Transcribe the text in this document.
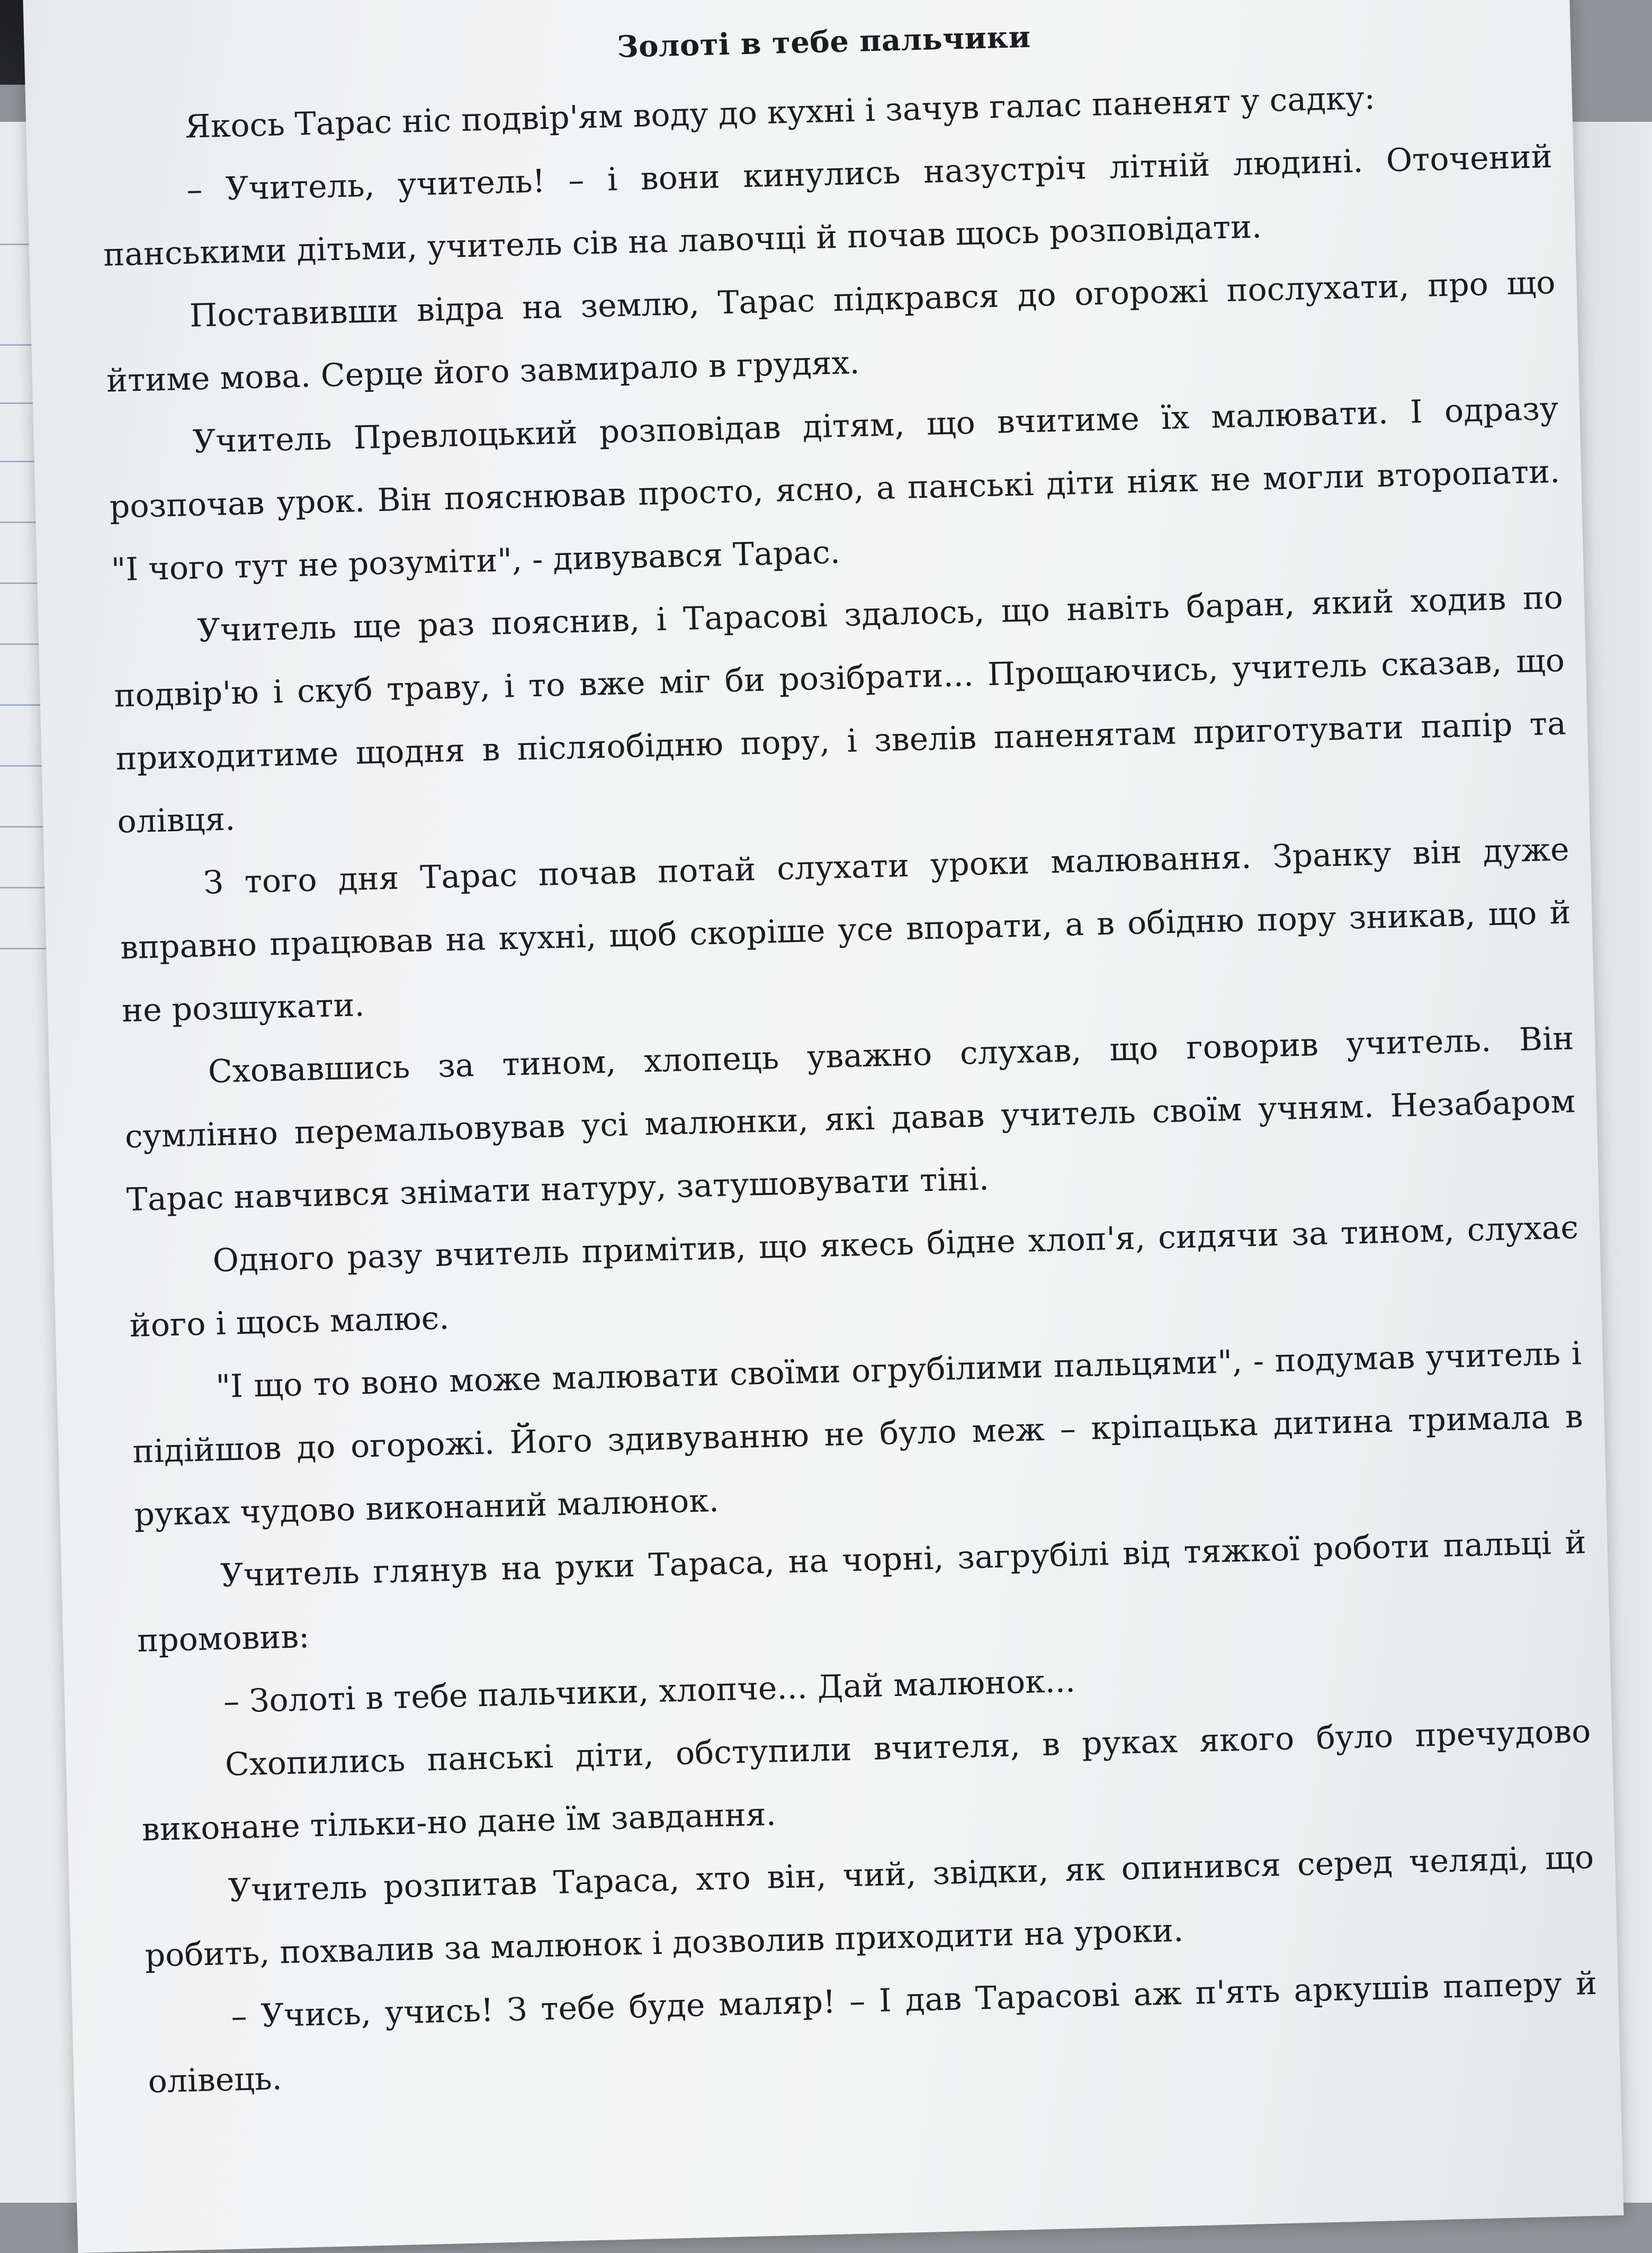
Золоті в тебе пальчики

Якось Тарас ніс подвір'ям воду до кухні і зачув галас паненят у садку:

– Учитель, учитель! – і вони кинулись назустріч літній людині. Оточений панськими дітьми, учитель сів на лавочці й почав щось розповідати.

Поставивши відра на землю, Тарас підкрався до огорожі послухати, про що йтиме мова. Серце його завмирало в грудях.

Учитель Превлоцький розповідав дітям, що вчитиме їх малювати. І одразу розпочав урок. Він пояснював просто, ясно, а панські діти ніяк не могли второпати. "І чого тут не розуміти", - дивувався Тарас.

Учитель ще раз пояснив, і Тарасові здалось, що навіть баран, який ходив по подвір'ю і скуб траву, і то вже міг би розібрати... Прощаючись, учитель сказав, що приходитиме щодня в післяобідню пору, і звелів паненятам приготувати папір та олівця.

З того дня Тарас почав потай слухати уроки малювання. Зранку він дуже вправно працював на кухні, щоб скоріше усе впорати, а в обідню пору зникав, що й не розшукати.

Сховавшись за тином, хлопець уважно слухав, що говорив учитель. Він сумлінно перемальовував усі малюнки, які давав учитель своїм учням. Незабаром Тарас навчився знімати натуру, затушовувати тіні.

Одного разу вчитель примітив, що якесь бідне хлоп'я, сидячи за тином, слухає його і щось малює.

"І що то воно може малювати своїми огрубілими пальцями", - подумав учитель і підійшов до огорожі. Його здивуванню не було меж – кріпацька дитина тримала в руках чудово виконаний малюнок.

Учитель глянув на руки Тараса, на чорні, загрубілі від тяжкої роботи пальці й промовив:

– Золоті в тебе пальчики, хлопче... Дай малюнок...

Схопились панські діти, обступили вчителя, в руках якого було пречудово виконане тільки-но дане їм завдання.

Учитель розпитав Тараса, хто він, чий, звідки, як опинився серед челяді, що робить, похвалив за малюнок і дозволив приходити на уроки.

– Учись, учись! З тебе буде маляр! – І дав Тарасові аж п'ять аркушів паперу й олівець.
